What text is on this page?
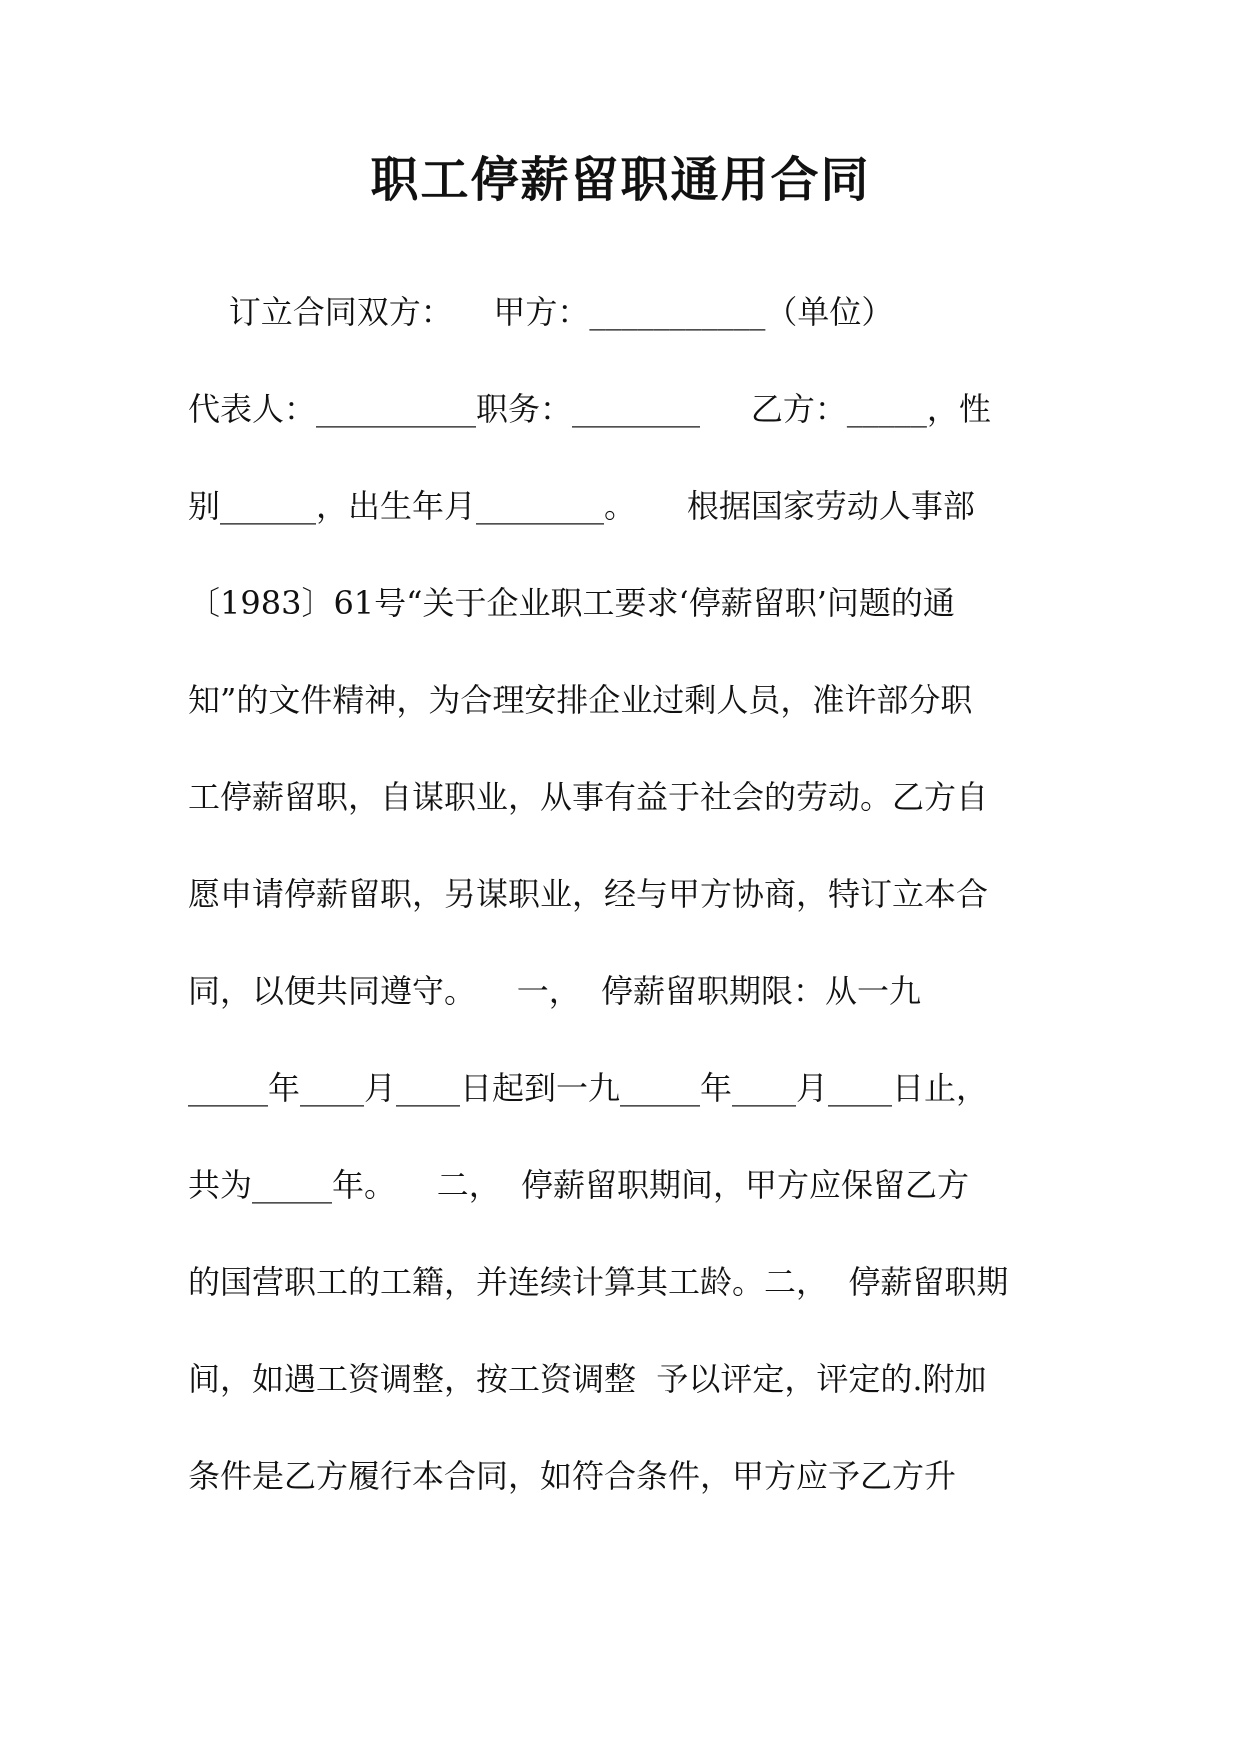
职工停薪留职通用合同
订立合同双方：    甲方：___________（单位）
代表人：__________职务：________     乙方：_____，性
别______，出生年月________。     根据国家劳动人事部
〔1983〕61号“关于企业职工要求‘停薪留职’问题的通
知”的文件精神，为合理安排企业过剩人员，准许部分职
工停薪留职，自谋职业，从事有益于社会的劳动。乙方自
愿申请停薪留职，另谋职业，经与甲方协商，特订立本合
同，以便共同遵守。    一，  停薪留职期限：从一九
_____年____月____日起到一九_____年____月____日止，
共为_____年。    二，  停薪留职期间，甲方应保留乙方
的国营职工的工籍，并连续计算其工龄。二，  停薪留职期
间，如遇工资调整，按工资调整  予以评定，评定的.附加
条件是乙方履行本合同，如符合条件，甲方应予乙方升
